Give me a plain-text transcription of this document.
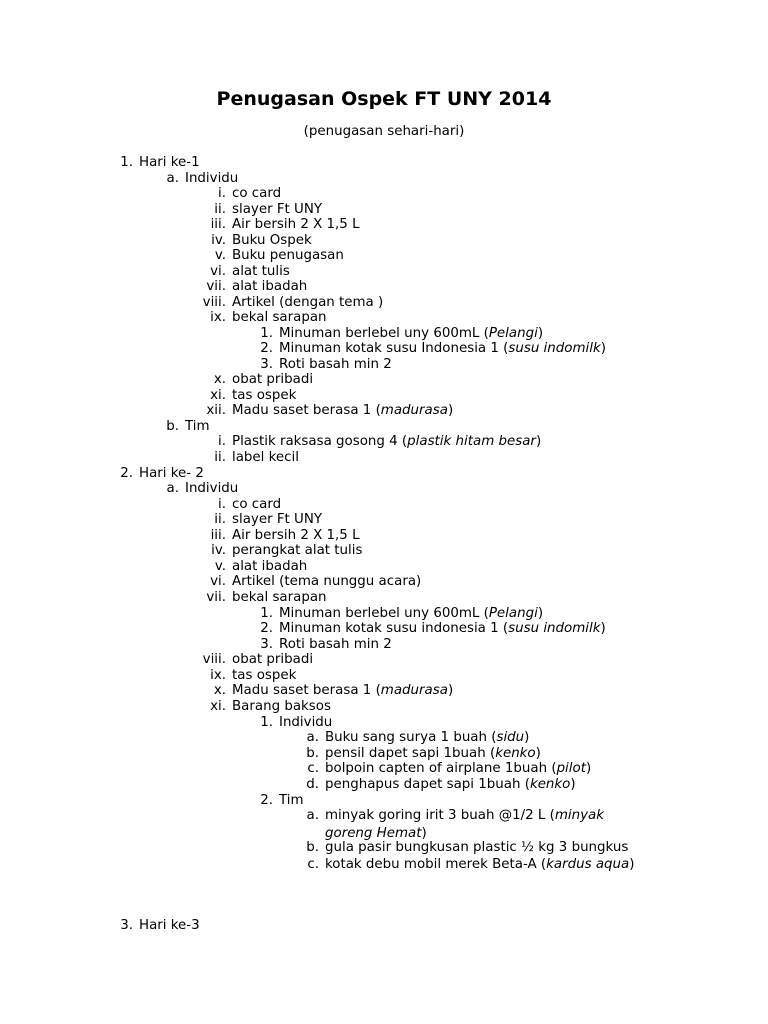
Penugasan Ospek FT UNY 2014
(penugasan sehari-hari)
1. Hari ke-1
a. Individu
i. co card
ii. slayer Ft UNY
iii. Air bersih 2 X 1,5 L
iv. Buku Ospek
v. Buku penugasan
vi. alat tulis
vii. alat ibadah
viii. Artikel (dengan tema )
ix. bekal sarapan
1. Minuman berlebel uny 600mL (Pelangi)
2. Minuman kotak susu Indonesia 1 (susu indomilk)
3. Roti basah min 2
x. obat pribadi
xi. tas ospek
xii. Madu saset berasa 1 (madurasa)
b. Tim
i. Plastik raksasa gosong 4 (plastik hitam besar)
ii. label kecil
2. Hari ke- 2
a. Individu
i. co card
ii. slayer Ft UNY
iii. Air bersih 2 X 1,5 L
iv. perangkat alat tulis
v. alat ibadah
vi. Artikel (tema nunggu acara)
vii. bekal sarapan
1. Minuman berlebel uny 600mL (Pelangi)
2. Minuman kotak susu indonesia 1 (susu indomilk)
3. Roti basah min 2
viii. obat pribadi
ix. tas ospek
x. Madu saset berasa 1 (madurasa)
xi. Barang baksos
1. Individu
a. Buku sang surya 1 buah (sidu)
b. pensil dapet sapi 1buah (kenko)
c. bolpoin capten of airplane 1buah (pilot)
d. penghapus dapet sapi 1buah (kenko)
2. Tim
a. minyak goring irit 3 buah @1/2 L (minyak
goreng Hemat)
b. gula pasir bungkusan plastic ½ kg 3 bungkus
c. kotak debu mobil merek Beta-A (kardus aqua)
3. Hari ke-3
